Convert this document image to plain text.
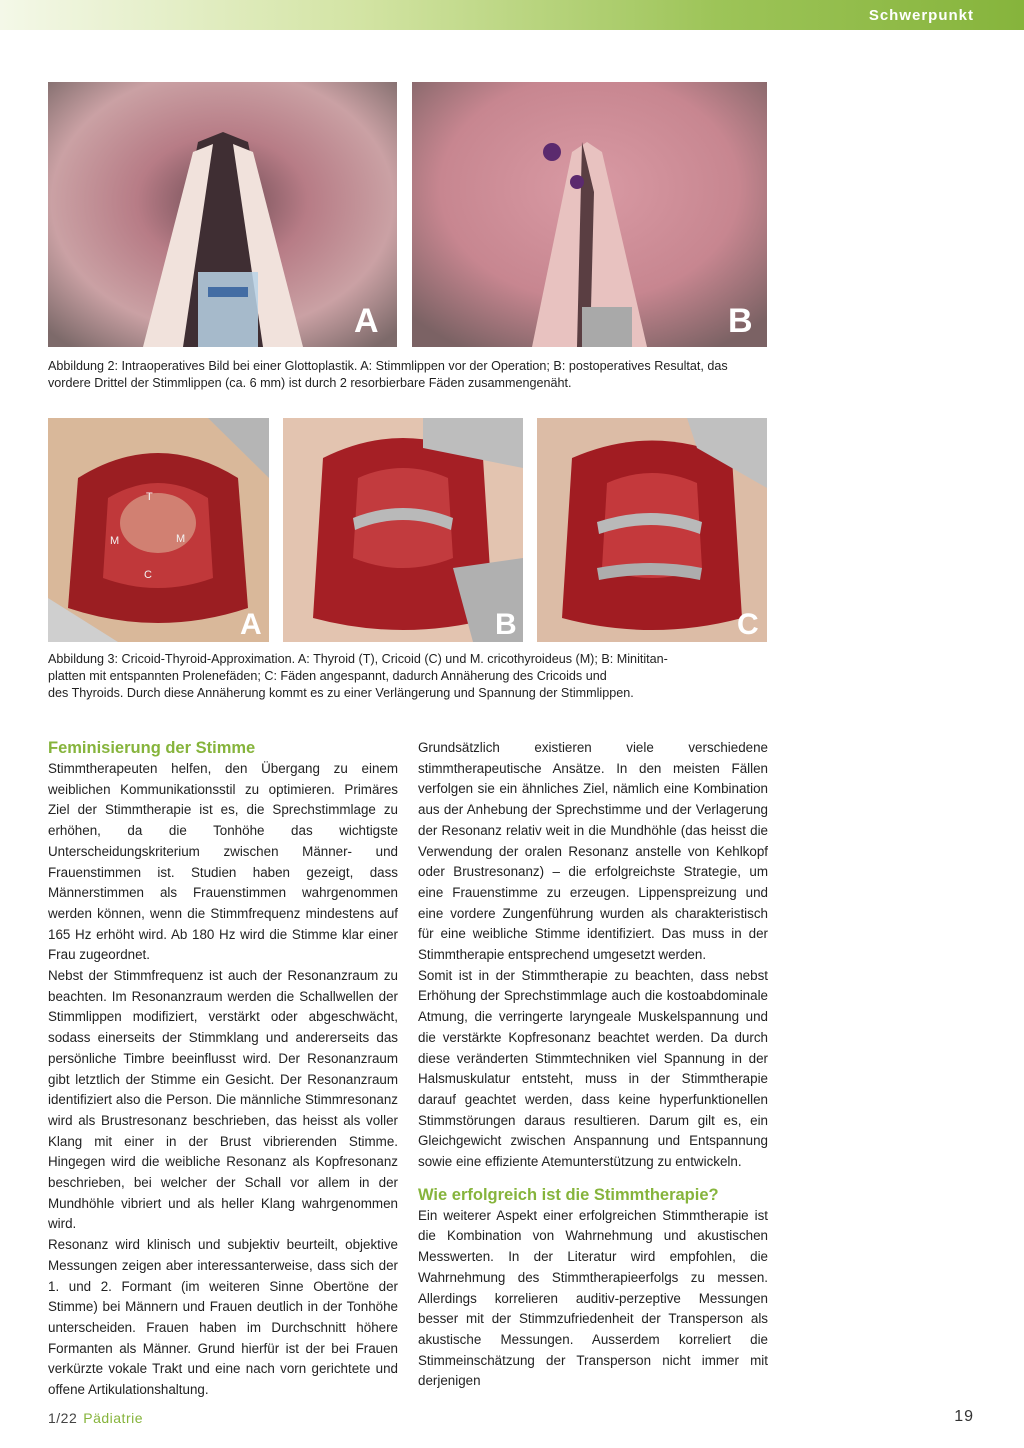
Schwerpunkt
A	B
Abbildung 2: Intraoperatives Bild bei einer Glottoplastik. A: Stimmlippen vor der Operation; B: postoperatives Resultat, das vordere Drittel der Stimmlippen (ca. 6 mm) ist durch 2 resorbierbare Fäden zusammengenäht.
T
M	M
C
A	B	C
Abbildung 3: Cricoid-Thyroid-Approximation. A: Thyroid (T), Cricoid (C) und M. cricothyroideus (M); B: Minititan-
platten mit entspannten Prolenefäden; C: Fäden angespannt, dadurch Annäherung des Cricoids und
des Thyroids. Durch diese Annäherung kommt es zu einer Verlängerung und Spannung der Stimmlippen.
Feminisierung der Stimme

Stimmtherapeuten helfen, den Übergang zu einem weiblichen Kommunikationsstil zu optimieren. Primäres Ziel der Stimmtherapie ist es, die Sprechstimmlage zu erhöhen, da die Tonhöhe das wichtigste Unterscheidungskriterium zwischen Männer- und Frauenstimmen ist. Studien haben gezeigt, dass Männerstimmen als Frauenstimmen wahrgenommen werden können, wenn die Stimmfrequenz mindestens auf 165 Hz erhöht wird. Ab 180 Hz wird die Stimme klar einer Frau zugeordnet.

Nebst der Stimmfrequenz ist auch der Resonanzraum zu beachten. Im Resonanzraum werden die Schallwellen der Stimmlippen modifiziert, verstärkt oder abgeschwächt, sodass einerseits der Stimmklang und andererseits das persönliche Timbre beeinflusst wird. Der Resonanzraum gibt letztlich der Stimme ein Gesicht. Der Resonanzraum identifiziert also die Person. Die männliche Stimmresonanz wird als Brustresonanz beschrieben, das heisst als voller Klang mit einer in der Brust vibrierenden Stimme. Hingegen wird die weibliche Resonanz als Kopfresonanz beschrieben, bei welcher der Schall vor allem in der Mundhöhle vibriert und als heller Klang wahrgenommen wird.

Resonanz wird klinisch und subjektiv beurteilt, objektive Messungen zeigen aber interessanterweise, dass sich der 1. und 2. Formant (im weiteren Sinne Obertöne der Stimme) bei Männern und Frauen deutlich in der Tonhöhe unterscheiden. Frauen haben im Durchschnitt höhere Formanten als Männer. Grund hierfür ist der bei Frauen verkürzte vokale Trakt und eine nach vorn gerichtete und offene Artikulationshaltung.

Grundsätzlich existieren viele verschiedene stimmtherapeutische Ansätze. In den meisten Fällen verfolgen sie ein ähnliches Ziel, nämlich eine Kombination aus der Anhebung der Sprechstimme und der Verlagerung der Resonanz relativ weit in die Mundhöhle (das heisst die Verwendung der oralen Resonanz anstelle von Kehlkopf oder Brustresonanz) – die erfolgreichste Strategie, um eine Frauenstimme zu erzeugen. Lippenspreizung und eine vordere Zungenführung wurden als charakteristisch für eine weibliche Stimme identifiziert. Das muss in der Stimmtherapie entsprechend umgesetzt werden.

Somit ist in der Stimmtherapie zu beachten, dass nebst Erhöhung der Sprechstimmlage auch die kostoabdominale Atmung, die verringerte laryngeale Muskelspannung und die verstärkte Kopfresonanz beachtet werden. Da durch diese veränderten Stimmtechniken viel Spannung in der Halsmuskulatur entsteht, muss in der Stimmtherapie darauf geachtet werden, dass keine hyperfunktionellen Stimmstörungen daraus resultieren. Darum gilt es, ein Gleichgewicht zwischen Anspannung und Entspannung sowie eine effiziente Atemunterstützung zu entwickeln.

Wie erfolgreich ist die Stimmtherapie?

Ein weiterer Aspekt einer erfolgreichen Stimmtherapie ist die Kombination von Wahrnehmung und akustischen Messwerten. In der Literatur wird empfohlen, die Wahrnehmung des Stimmtherapieerfolgs zu messen. Allerdings korrelieren auditiv-perzeptive Messungen besser mit der Stimmzufriedenheit der Transperson als akustische Messungen. Ausserdem korreliert die Stimmeinschätzung der Transperson nicht immer mit derjenigen

1/22 Pädiatrie	19
